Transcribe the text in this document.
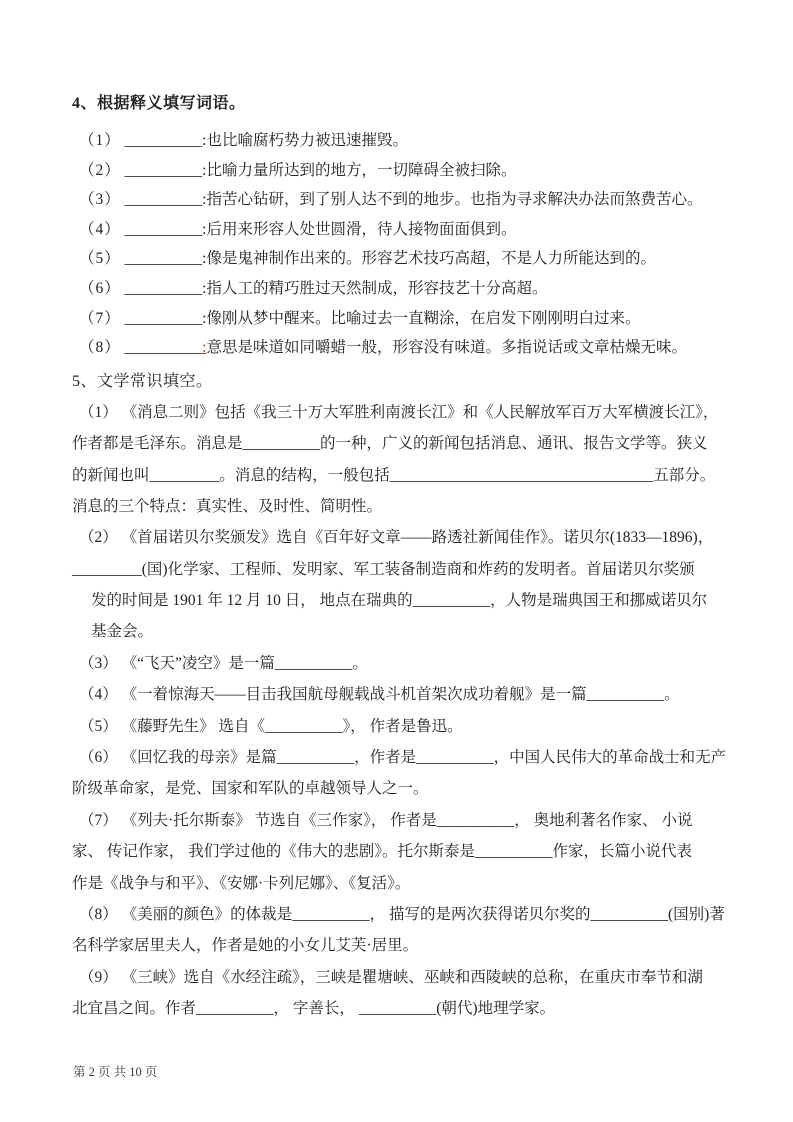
4、根据释义填写词语。
（1） __________:也比喻腐朽势力被迅速摧毁。
（2） __________:比喻力量所达到的地方，一切障碍全被扫除。
（3） __________:指苦心钻研，到了别人达不到的地步。也指为寻求解决办法而煞费苦心。
（4） __________:后用来形容人处世圆滑，待人接物面面俱到。
（5） __________:像是鬼神制作出来的。形容艺术技巧高超，不是人力所能达到的。
（6） __________:指人工的精巧胜过天然制成，形容技艺十分高超。
（7） __________:像刚从梦中醒来。比喻过去一直糊涂，在启发下刚刚明白过来。
（8） __________:意思是味道如同嚼蜡一般，形容没有味道。多指说话或文章枯燥无味。
5、文学常识填空。
（1） 《消息二则》包括《我三十万大军胜利南渡长江》和《人民解放军百万大军横渡长江》，
作者都是毛泽东。消息是__________的一种，广义的新闻包括消息、通讯、报告文学等。狭义
的新闻也叫_________。消息的结构，一般包括__________________________________五部分。
消息的三个特点：真实性、及时性、简明性。
（2） 《首届诺贝尔奖颁发》选自《百年好文章——路透社新闻佳作》。诺贝尔(1833—1896)，
_________(国)化学家、工程师、发明家、军工装备制造商和炸药的发明者。首届诺贝尔奖颁
发的时间是 1901 年 12 月 10 日， 地点在瑞典的__________，人物是瑞典国王和挪威诺贝尔
基金会。
（3） 《“飞天”凌空》是一篇__________。
（4） 《一着惊海天——目击我国航母舰载战斗机首架次成功着舰》是一篇__________。
（5） 《藤野先生》 选自《__________》， 作者是鲁迅。
（6） 《回忆我的母亲》是篇__________，作者是__________，中国人民伟大的革命战士和无产
阶级革命家，是党、国家和军队的卓越领导人之一。
（7） 《列夫·托尔斯泰》 节选自《三作家》， 作者是__________， 奥地利著名作家、 小说
家、 传记作家， 我们学过他的《伟大的悲剧》。托尔斯泰是__________作家，长篇小说代表
作是《战争与和平》、《安娜·卡列尼娜》、《复活》。
（8） 《美丽的颜色》的体裁是__________， 描写的是两次获得诺贝尔奖的__________(国别)著
名科学家居里夫人，作者是她的小女儿艾芙·居里。
（9） 《三峡》选自《水经注疏》，三峡是瞿塘峡、巫峡和西陵峡的总称，在重庆市奉节和湖
北宜昌之间。作者__________， 字善长， __________(朝代)地理学家。
第 2 页 共 10 页
